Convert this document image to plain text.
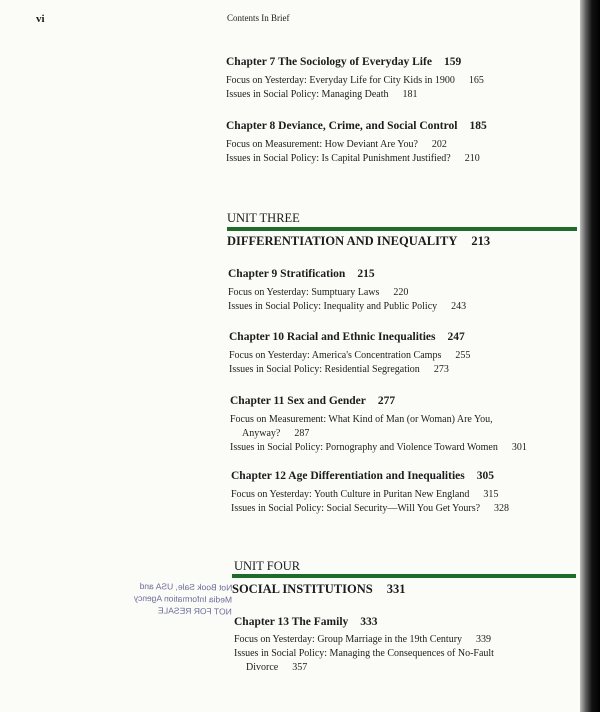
vi	Contents In Brief
Chapter 7 The Sociology of Everyday Life 159
Focus on Yesterday: Everyday Life for City Kids in 1900 165
Issues in Social Policy: Managing Death 181
Chapter 8 Deviance, Crime, and Social Control 185
Focus on Measurement: How Deviant Are You? 202
Issues in Social Policy: Is Capital Punishment Justified? 210
UNIT THREE
DIFFERENTIATION AND INEQUALITY 213
Chapter 9 Stratification 215
Focus on Yesterday: Sumptuary Laws 220
Issues in Social Policy: Inequality and Public Policy 243
Chapter 10 Racial and Ethnic Inequalities 247
Focus on Yesterday: America's Concentration Camps 255
Issues in Social Policy: Residential Segregation 273
Chapter 11 Sex and Gender 277
Focus on Measurement: What Kind of Man (or Woman) Are You,
Anyway? 287
Issues in Social Policy: Pornography and Violence Toward Women 301
Chapter 12 Age Differentiation and Inequalities 305
Focus on Yesterday: Youth Culture in Puritan New England 315
Issues in Social Policy: Social Security—Will You Get Yours? 328
UNIT FOUR
SOCIAL INSTITUTIONS 331
Chapter 13 The Family 333
Focus on Yesterday: Group Marriage in the 19th Century 339
Issues in Social Policy: Managing the Consequences of No-Fault
Divorce 357
Not Book Sale, USA and
Media Information Agency
NOT FOR RESALE
